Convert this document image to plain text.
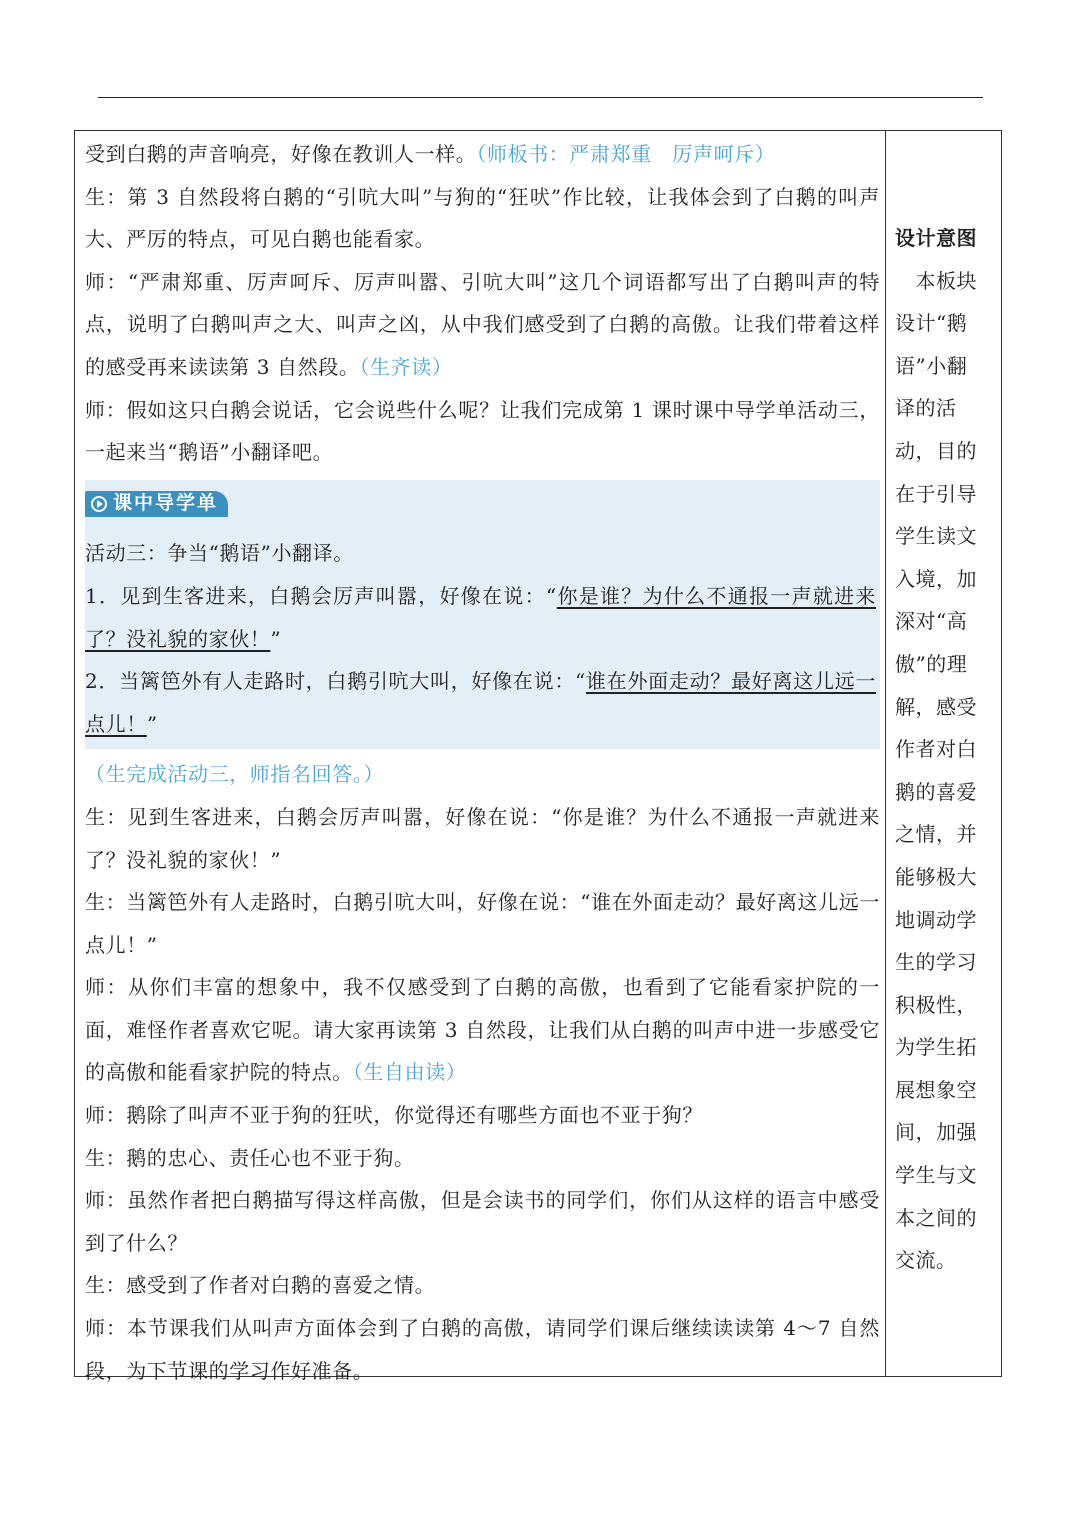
受到白鹅的声音响亮，好像在教训人一样。（师板书：严肃郑重　厉声呵斥）

生：第 3 自然段将白鹅的“引吭大叫”与狗的“狂吠”作比较，让我体会到了白鹅的叫声大、严厉的特点，可见白鹅也能看家。

师：“严肃郑重、厉声呵斥、厉声叫嚣、引吭大叫”这几个词语都写出了白鹅叫声的特点，说明了白鹅叫声之大、叫声之凶，从中我们感受到了白鹅的高傲。让我们带着这样的感受再来读读第 3 自然段。（生齐读）

师：假如这只白鹅会说话，它会说些什么呢？让我们完成第 1 课时课中导学单活动三，一起来当“鹅语”小翻译吧。

课中导学单

活动三：争当“鹅语”小翻译。

1．见到生客进来，白鹅会厉声叫嚣，好像在说：“你是谁？为什么不通报一声就进来了？没礼貌的家伙！”

2．当篱笆外有人走路时，白鹅引吭大叫，好像在说：“谁在外面走动？最好离这儿远一点儿！”

（生完成活动三，师指名回答。）

生：见到生客进来，白鹅会厉声叫嚣，好像在说：“你是谁？为什么不通报一声就进来了？没礼貌的家伙！”

生：当篱笆外有人走路时，白鹅引吭大叫，好像在说：“谁在外面走动？最好离这儿远一点儿！”

师：从你们丰富的想象中，我不仅感受到了白鹅的高傲，也看到了它能看家护院的一面，难怪作者喜欢它呢。请大家再读第 3 自然段，让我们从白鹅的叫声中进一步感受它的高傲和能看家护院的特点。（生自由读）

师：鹅除了叫声不亚于狗的狂吠，你觉得还有哪些方面也不亚于狗？

生：鹅的忠心、责任心也不亚于狗。

师：虽然作者把白鹅描写得这样高傲，但是会读书的同学们，你们从这样的语言中感受到了什么？

生：感受到了作者对白鹅的喜爱之情。

师：本节课我们从叫声方面体会到了白鹅的高傲，请同学们课后继续读读第 4～7 自然段，为下节课的学习作好准备。

设计意图

　本板块设计“鹅语”小翻译的活动，目的在于引导学生读文入境，加深对“高傲”的理解，感受作者对白鹅的喜爱之情，并能够极大地调动学生的学习积极性，为学生拓展想象空间，加强学生与文本之间的交流。
